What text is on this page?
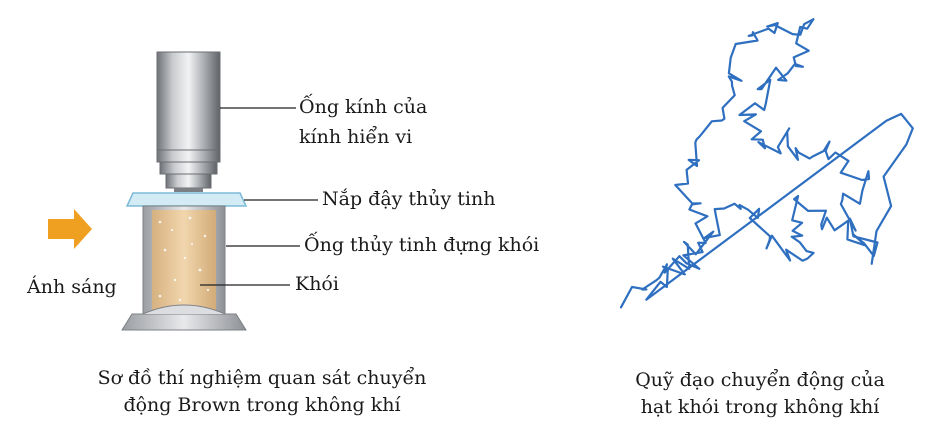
Ống kính của
kính hiển vi
Nắp đậy thủy tinh
Ống thủy tinh đựng khói
Khói
Ánh sáng
Sơ đồ thí nghiệm quan sát chuyển
động Brown trong không khí
Quỹ đạo chuyển động của
hạt khói trong không khí
